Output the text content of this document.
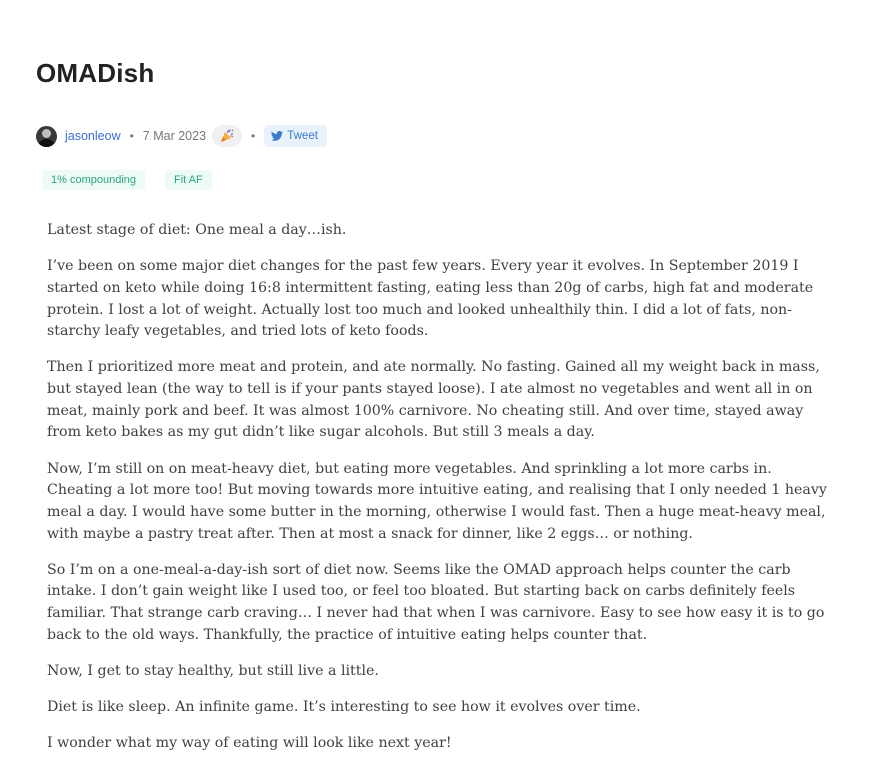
OMADish
jasonleow • 7 Mar 2023	•	Tweet
1% compounding	Fit AF

Latest stage of diet: One meal a day…ish.

I’ve been on some major diet changes for the past few years. Every year it evolves. In September 2019 I started on keto while doing 16:8 intermittent fasting, eating less than 20g of carbs, high fat and moderate protein. I lost a lot of weight. Actually lost too much and looked unhealthily thin. I did a lot of fats, non-starchy leafy vegetables, and tried lots of keto foods.

Then I prioritized more meat and protein, and ate normally. No fasting. Gained all my weight back in mass, but stayed lean (the way to tell is if your pants stayed loose). I ate almost no vegetables and went all in on meat, mainly pork and beef. It was almost 100% carnivore. No cheating still. And over time, stayed away from keto bakes as my gut didn’t like sugar alcohols. But still 3 meals a day.

Now, I’m still on on meat-heavy diet, but eating more vegetables. And sprinkling a lot more carbs in. Cheating a lot more too! But moving towards more intuitive eating, and realising that I only needed 1 heavy meal a day. I would have some butter in the morning, otherwise I would fast. Then a huge meat-heavy meal, with maybe a pastry treat after. Then at most a snack for dinner, like 2 eggs… or nothing.

So I’m on a one-meal-a-day-ish sort of diet now. Seems like the OMAD approach helps counter the carb intake. I don’t gain weight like I used too, or feel too bloated. But starting back on carbs definitely feels familiar. That strange carb craving… I never had that when I was carnivore. Easy to see how easy it is to go back to the old ways. Thankfully, the practice of intuitive eating helps counter that.

Now, I get to stay healthy, but still live a little.

Diet is like sleep. An infinite game. It’s interesting to see how it evolves over time.

I wonder what my way of eating will look like next year!
